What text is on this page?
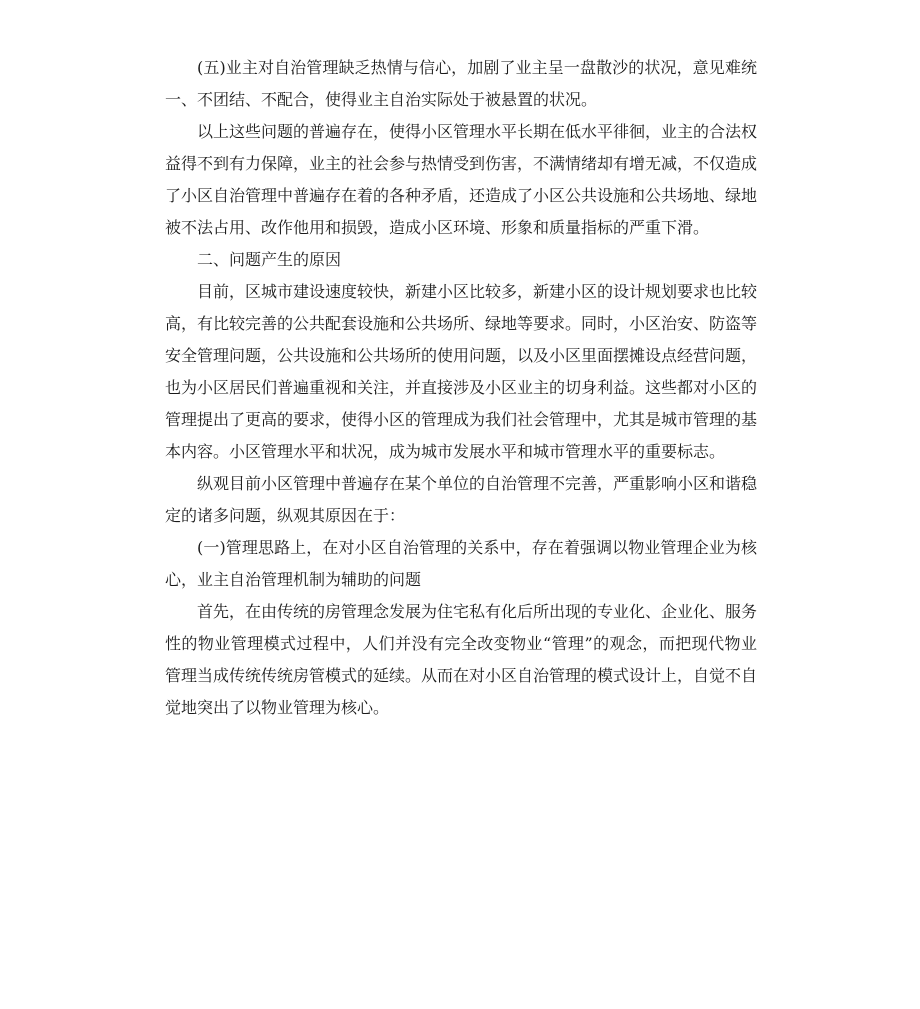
(五)业主对自治管理缺乏热情与信心，加剧了业主呈一盘散沙的状况，意见难统一、不团结、不配合，使得业主自治实际处于被悬置的状况。

以上这些问题的普遍存在，使得小区管理水平长期在低水平徘徊，业主的合法权益得不到有力保障，业主的社会参与热情受到伤害，不满情绪却有增无减，不仅造成了小区自治管理中普遍存在着的各种矛盾，还造成了小区公共设施和公共场地、绿地被不法占用、改作他用和损毁，造成小区环境、形象和质量指标的严重下滑。

二、问题产生的原因

目前，区城市建设速度较快，新建小区比较多，新建小区的设计规划要求也比较高，有比较完善的公共配套设施和公共场所、绿地等要求。同时，小区治安、防盗等安全管理问题，公共设施和公共场所的使用问题，以及小区里面摆摊设点经营问题，也为小区居民们普遍重视和关注，并直接涉及小区业主的切身利益。这些都对小区的管理提出了更高的要求，使得小区的管理成为我们社会管理中，尤其是城市管理的基本内容。小区管理水平和状况，成为城市发展水平和城市管理水平的重要标志。

纵观目前小区管理中普遍存在某个单位的自治管理不完善，严重影响小区和谐稳定的诸多问题，纵观其原因在于：

(一)管理思路上，在对小区自治管理的关系中，存在着强调以物业管理企业为核心，业主自治管理机制为辅助的问题

首先，在由传统的房管理念发展为住宅私有化后所出现的专业化、企业化、服务性的物业管理模式过程中，人们并没有完全改变物业“管理”的观念，而把现代物业管理当成传统传统房管模式的延续。从而在对小区自治管理的模式设计上，自觉不自觉地突出了以物业管理为核心。
